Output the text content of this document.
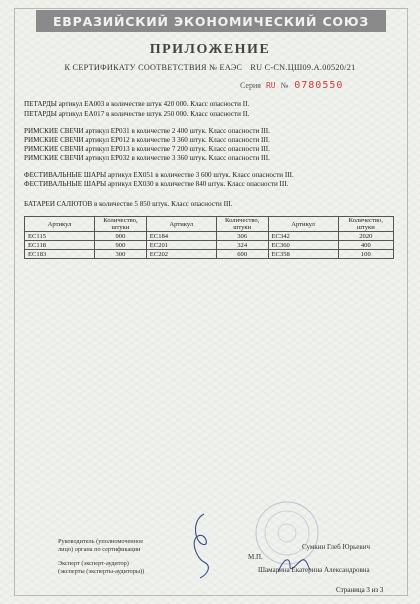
ЕВРАЗИЙСКИЙ ЭКОНОМИЧЕСКИЙ СОЮЗ
ПРИЛОЖЕНИЕ
К СЕРТИФИКАТУ СООТВЕТСТВИЯ № ЕАЭС RU C-CN.ЦШ09.А.00520/21
Серия RU № 0780550
ПЕТАРДЫ артикул ЕА003 в количестве штук 420 000. Класс опасности II.
ПЕТАРДЫ артикул ЕА017 в количестве штук 250 000. Класс опасности II.
РИМСКИЕ СВЕЧИ артикул ЕР031 в количестве 2 400 штук. Класс опасности III.
РИМСКИЕ СВЕЧИ артикул ЕР012 в количестве 3 360 штук. Класс опасности III.
РИМСКИЕ СВЕЧИ артикул ЕР013 в количестве 7 200 штук. Класс опасности III.
РИМСКИЕ СВЕЧИ артикул ЕР032 в количестве 3 360 штук. Класс опасности III.
ФЕСТИВАЛЬНЫЕ ШАРЫ артикул ЕХ051 в количестве 3 600 штук. Класс опасности III.
ФЕСТИВАЛЬНЫЕ ШАРЫ артикул ЕХ030 в количестве 840 штук. Класс опасности III.
БАТАРЕИ САЛЮТОВ в количестве 5 850 штук. Класс опасности III.
Артикул	Количество, штуки	Артикул	Количество, штуки	Артикул	Количество, штуки
ЕС115	900	ЕС184	306	ЕС342	2020
ЕС118	900	ЕС201	324	ЕС360	400
ЕС183	300	ЕС202	600	ЕС358	100
Руководитель (уполномоченное
лицо) органа по сертификации	Сумкин Глеб Юрьевич
М.П.
Эксперт (эксперт-аудитор)
(эксперты (эксперты-аудиторы))	Шамарина Екатерина Александровна
Страница 3 из 3
